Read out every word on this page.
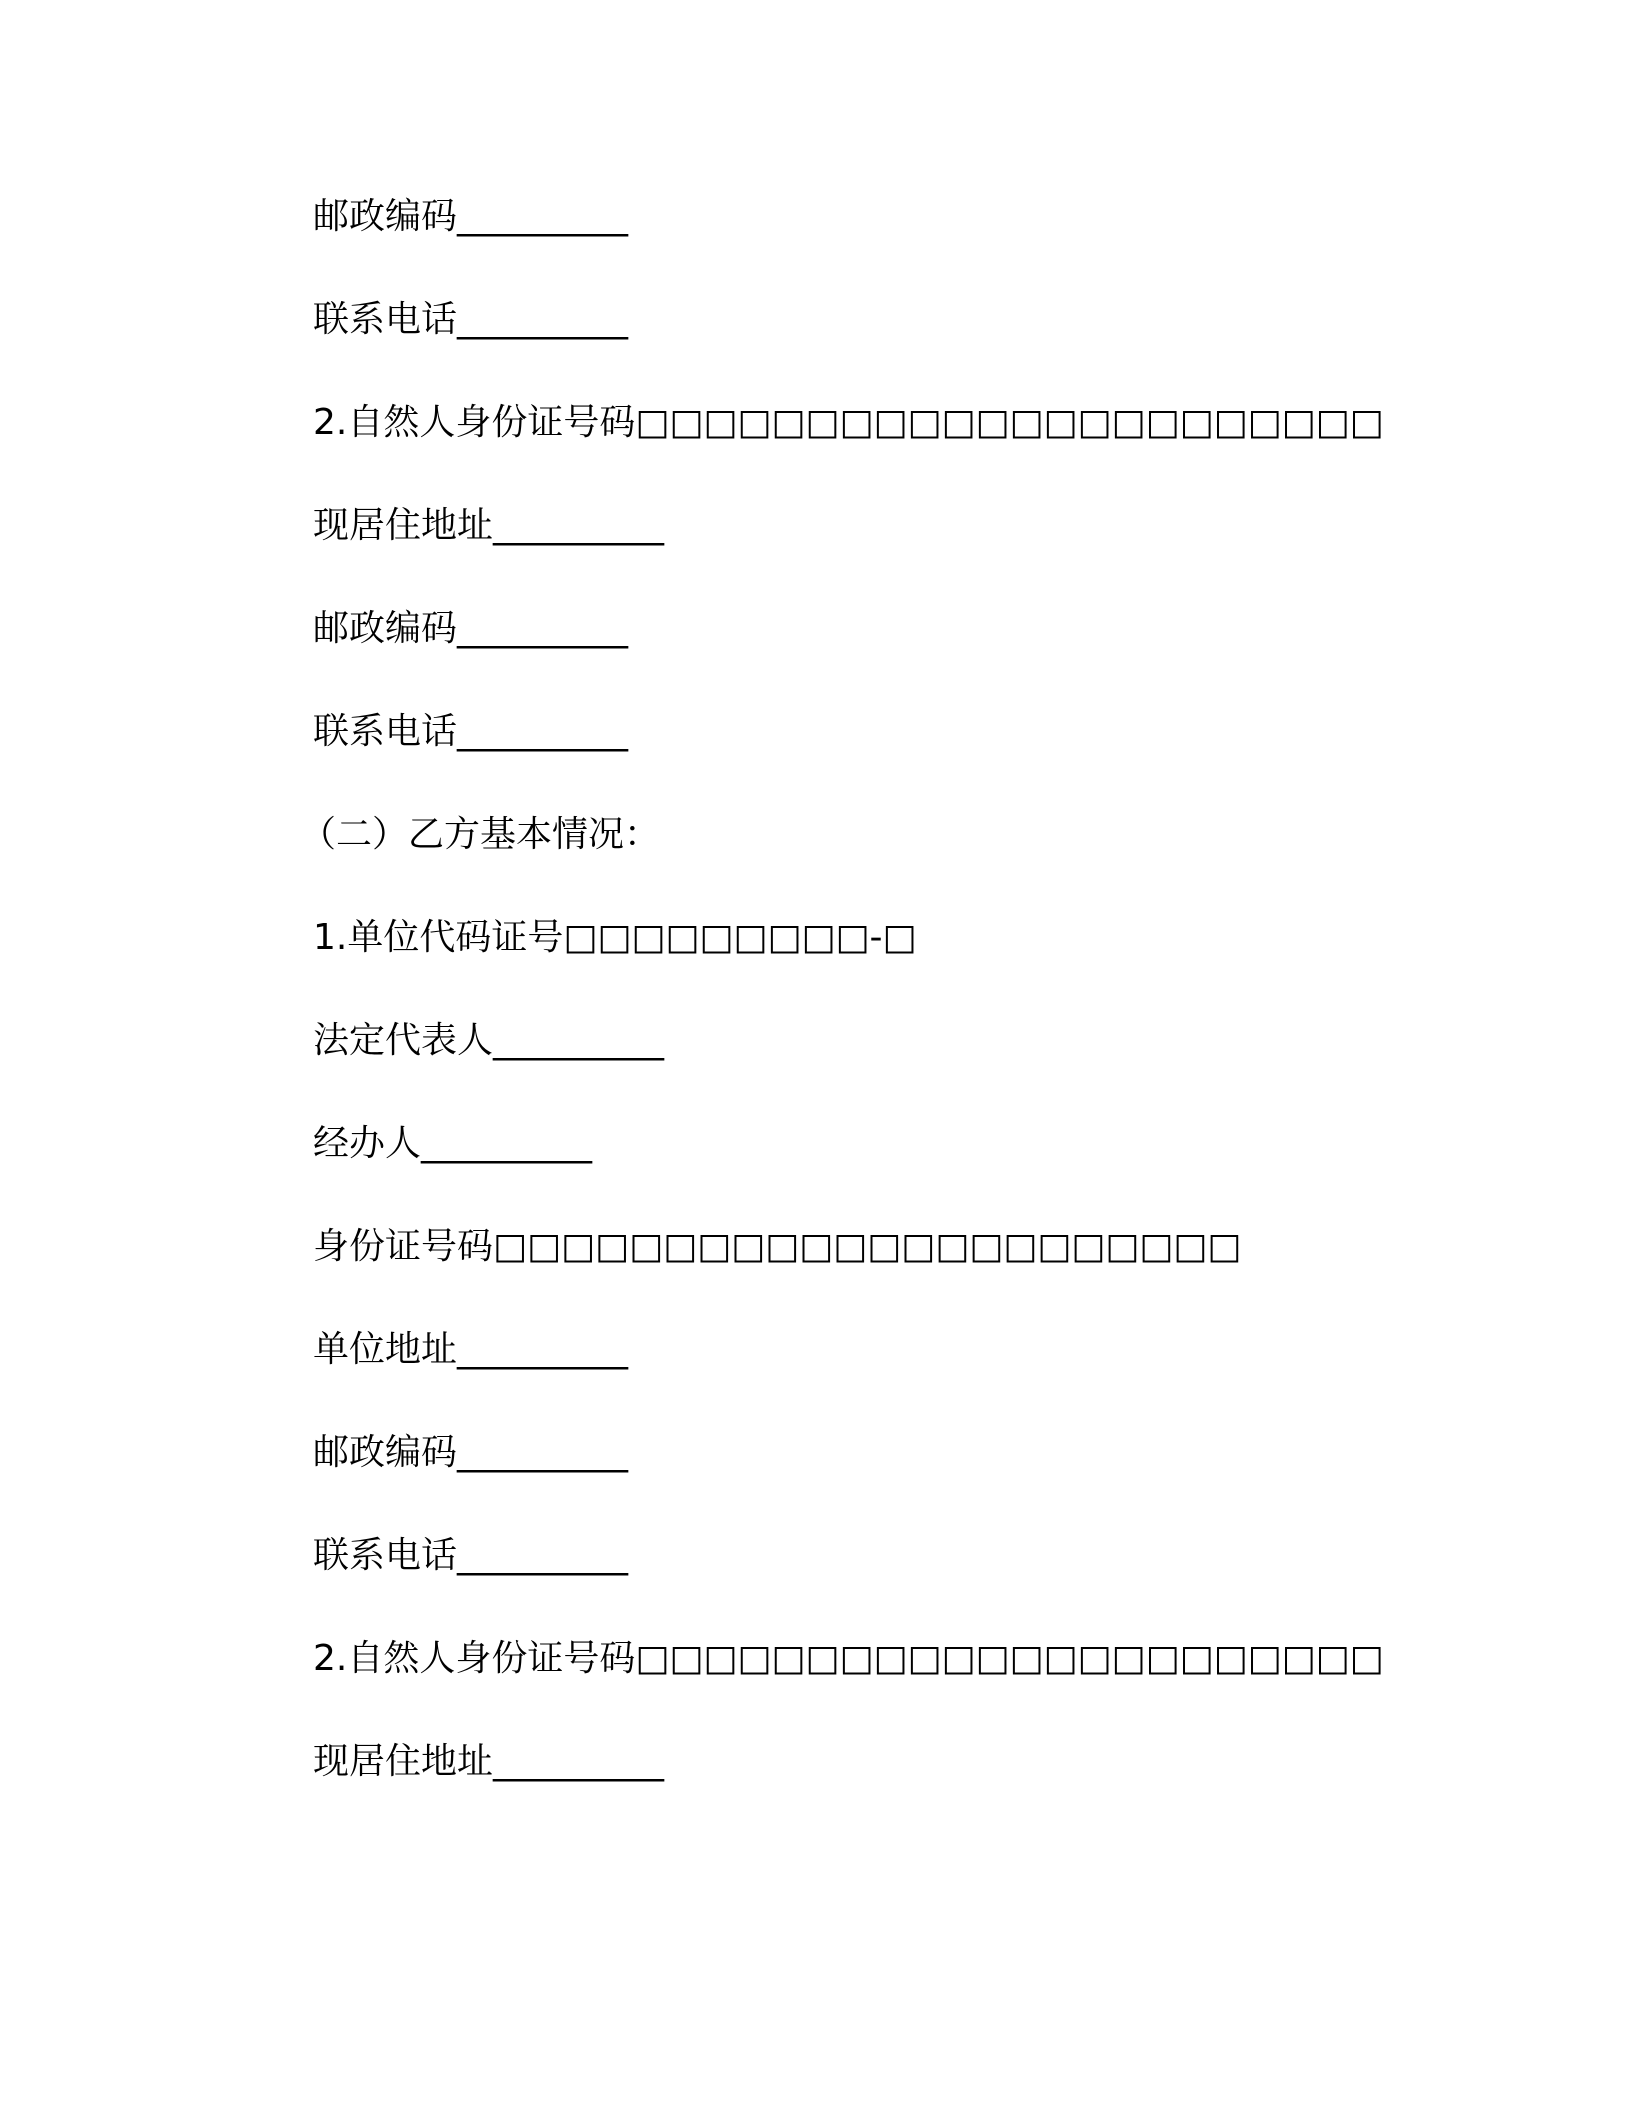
邮政编码__________
联系电话__________
2.自然人身份证号码□□□□□□□□□□□□□□□□□□□□□□
现居住地址__________
邮政编码__________
联系电话__________
（二）乙方基本情况：
1.单位代码证号□□□□□□□□□-□
法定代表人__________
经办人__________
身份证号码□□□□□□□□□□□□□□□□□□□□□□
单位地址__________
邮政编码__________
联系电话__________
2.自然人身份证号码□□□□□□□□□□□□□□□□□□□□□□
现居住地址__________
